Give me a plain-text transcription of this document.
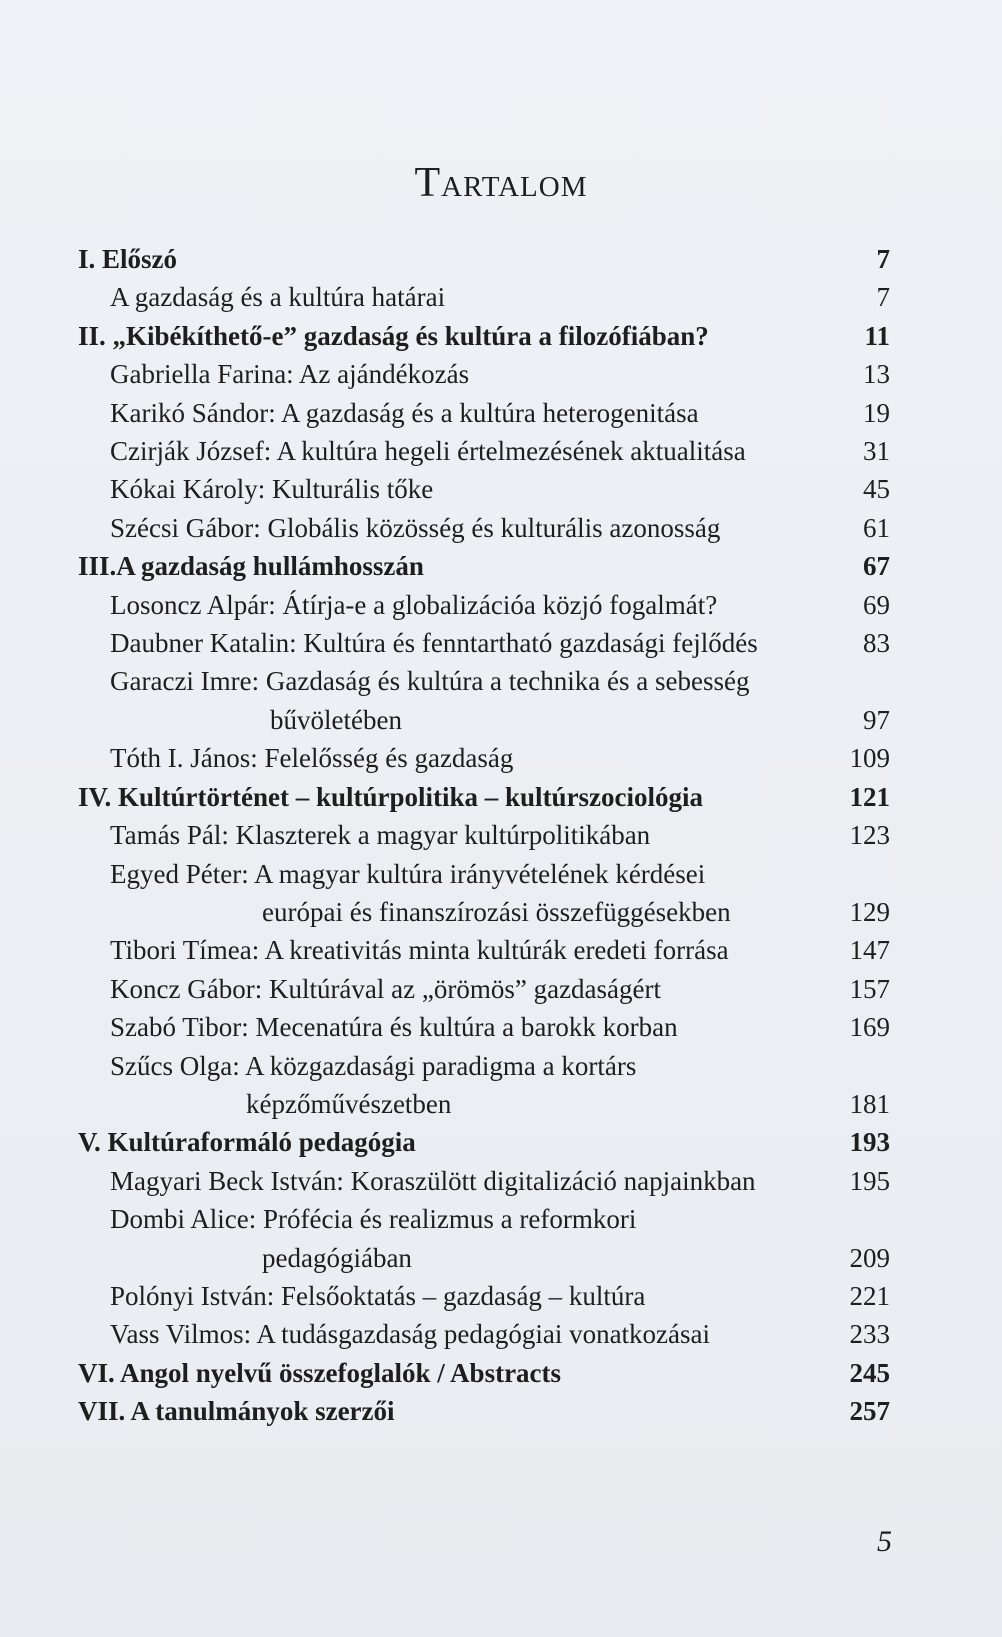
Tartalom
I. Előszó	7
A gazdaság és a kultúra határai	7
II. „Kibékíthető-e” gazdaság és kultúra a filozófiában?	11
Gabriella Farina: Az ajándékozás	13
Karikó Sándor: A gazdaság és a kultúra heterogenitása	19
Czirják József: A kultúra hegeli értelmezésének aktualitása	31
Kókai Károly: Kulturális tőke	45
Szécsi Gábor: Globális közösség és kulturális azonosság	61
III.A gazdaság hullámhosszán	67
Losoncz Alpár: Átírja-e a globalizációa közjó fogalmát?	69
Daubner Katalin: Kultúra és fenntartható gazdasági fejlődés	83
Garaczi Imre: Gazdaság és kultúra a technika és a sebesség
bűvöletében	97
Tóth I. János: Felelősség és gazdaság	109
IV. Kultúrtörténet – kultúrpolitika – kultúrszociológia	121
Tamás Pál: Klaszterek a magyar kultúrpolitikában	123
Egyed Péter: A magyar kultúra irányvételének kérdései
európai és finanszírozási összefüggésekben	129
Tibori Tímea: A kreativitás minta kultúrák eredeti forrása	147
Koncz Gábor: Kultúrával az „örömös” gazdaságért	157
Szabó Tibor: Mecenatúra és kultúra a barokk korban	169
Szűcs Olga: A közgazdasági paradigma a kortárs
képzőművészetben	181
V. Kultúraformáló pedagógia	193
Magyari Beck István: Koraszülött digitalizáció napjainkban	195
Dombi Alice: Prófécia és realizmus a reformkori
pedagógiában	209
Polónyi István: Felsőoktatás – gazdaság – kultúra	221
Vass Vilmos: A tudásgazdaság pedagógiai vonatkozásai	233
VI. Angol nyelvű összefoglalók / Abstracts	245
VII. A tanulmányok szerzői	257
5
